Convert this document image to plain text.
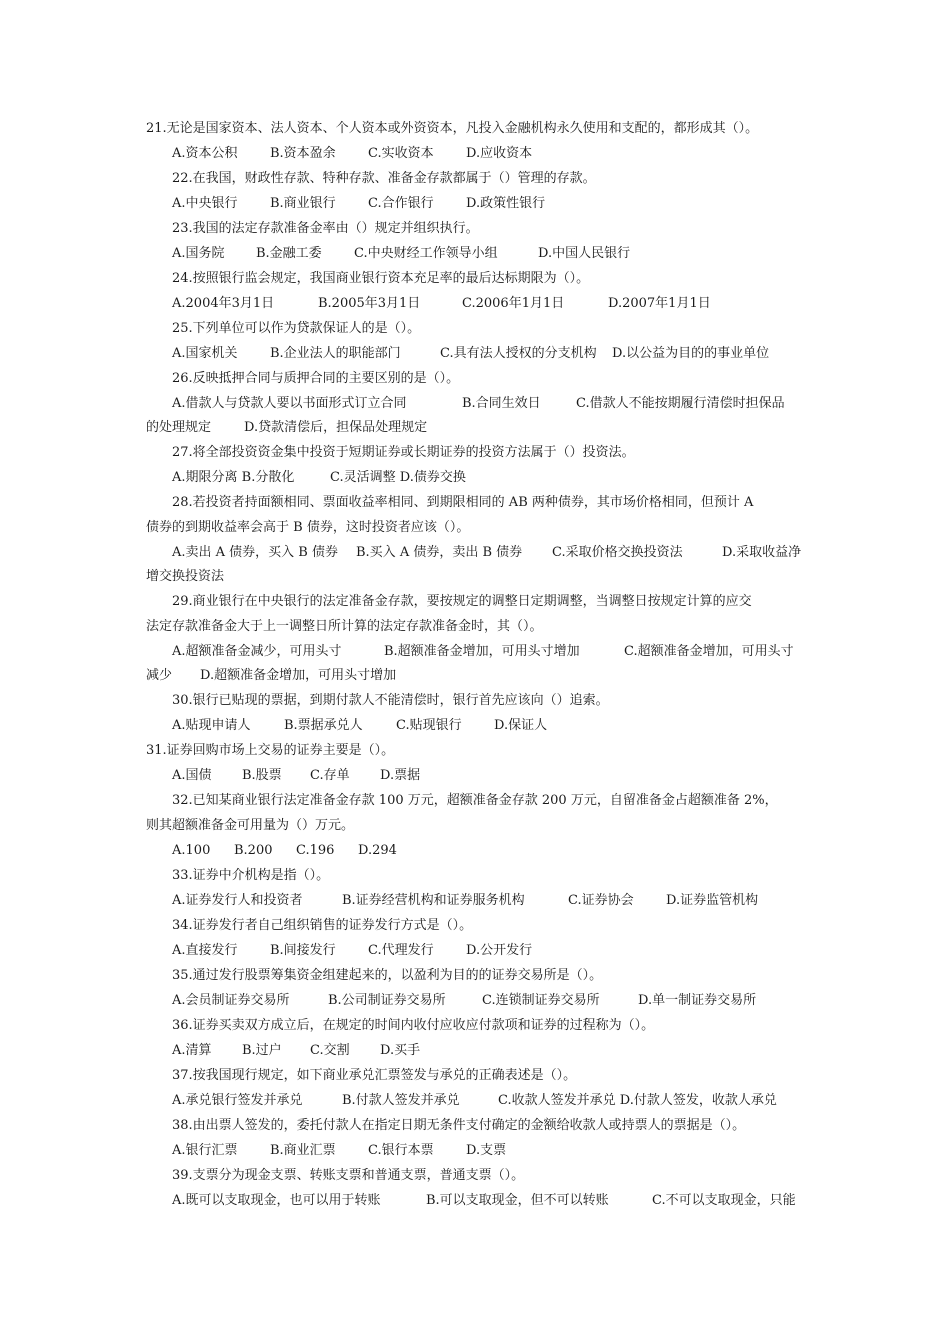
21.无论是国家资本、法人资本、个人资本或外资资本，凡投入金融机构永久使用和支配的，都形成其（）。
A.资本公积 B.资本盈余 C.实收资本 D.应收资本
22.在我国，财政性存款、特种存款、准备金存款都属于（）管理的存款。
A.中央银行 B.商业银行 C.合作银行 D.政策性银行
23.我国的法定存款准备金率由（）规定并组织执行。
A.国务院 B.金融工委 C.中央财经工作领导小组	D.中国人民银行
24.按照银行监会规定，我国商业银行资本充足率的最后达标期限为（）。
A.2004年3月1日	B.2005年3月1日	C.2006年1月1日	D.2007年1月1日
25.下列单位可以作为贷款保证人的是（）。
A.国家机关 B.企业法人的职能部门	C.具有法人授权的分支机构 D.以公益为目的的事业单位
26.反映抵押合同与质押合同的主要区别的是（）。
A.借款人与贷款人要以书面形式订立合同	B.合同生效日	C.借款人不能按期履行清偿时担保品
的处理规定	D.贷款清偿后，担保品处理规定
27.将全部投资资金集中投资于短期证券或长期证券的投资方法属于（）投资法。
A.期限分离 B.分散化	C.灵活调整 D.债券交换
28.若投资者持面额相同、票面收益率相同、到期限相同的 AB 两种债券，其市场价格相同，但预计 A
债券的到期收益率会高于 B 债券，这时投资者应该（）。
A.卖出 A 债券，买入 B 债券 B.买入 A 债券，卖出 B 债券 C.采取价格交换投资法	D.采取收益净
增交换投资法
29.商业银行在中央银行的法定准备金存款，要按规定的调整日定期调整，当调整日按规定计算的应交
法定存款准备金大于上一调整日所计算的法定存款准备金时，其（）。
A.超额准备金减少，可用头寸	B.超额准备金增加，可用头寸增加	C.超额准备金增加，可用头寸
减少 D.超额准备金增加，可用头寸增加
30.银行已贴现的票据，到期付款人不能清偿时，银行首先应该向（）追索。
A.贴现申请人	B.票据承兑人	C.贴现银行 D.保证人
31.证券回购市场上交易的证券主要是（）。
A.国债 B.股票 C.存单 D.票据
32.已知某商业银行法定准备金存款 100 万元，超额准备金存款 200 万元，自留准备金占超额准备 2%，
则其超额准备金可用量为（）万元。
A.100 B.200 C.196 D.294
33.证券中介机构是指（）。
A.证券发行人和投资者	B.证券经营机构和证券服务机构	C.证券协会 D.证券监管机构
34.证券发行者自己组织销售的证券发行方式是（）。
A.直接发行 B.间接发行 C.代理发行 D.公开发行
35.通过发行股票筹集资金组建起来的，以盈利为目的的证券交易所是（）。
A.会员制证券交易所	B.公司制证券交易所	C.连锁制证券交易所	D.单一制证券交易所
36.证券买卖双方成立后，在规定的时间内收付应收应付款项和证券的过程称为（）。
A.清算 B.过户 C.交割 D.买手
37.按我国现行规定，如下商业承兑汇票签发与承兑的正确表述是（）。
A.承兑银行签发并承兑	B.付款人签发并承兑	C.收款人签发并承兑 D.付款人签发，收款人承兑
38.由出票人签发的，委托付款人在指定日期无条件支付确定的金额给收款人或持票人的票据是（）。
A.银行汇票 B.商业汇票 C.银行本票 D.支票
39.支票分为现金支票、转账支票和普通支票，普通支票（）。
A.既可以支取现金，也可以用于转账	B.可以支取现金，但不可以转账	C.不可以支取现金，只能
